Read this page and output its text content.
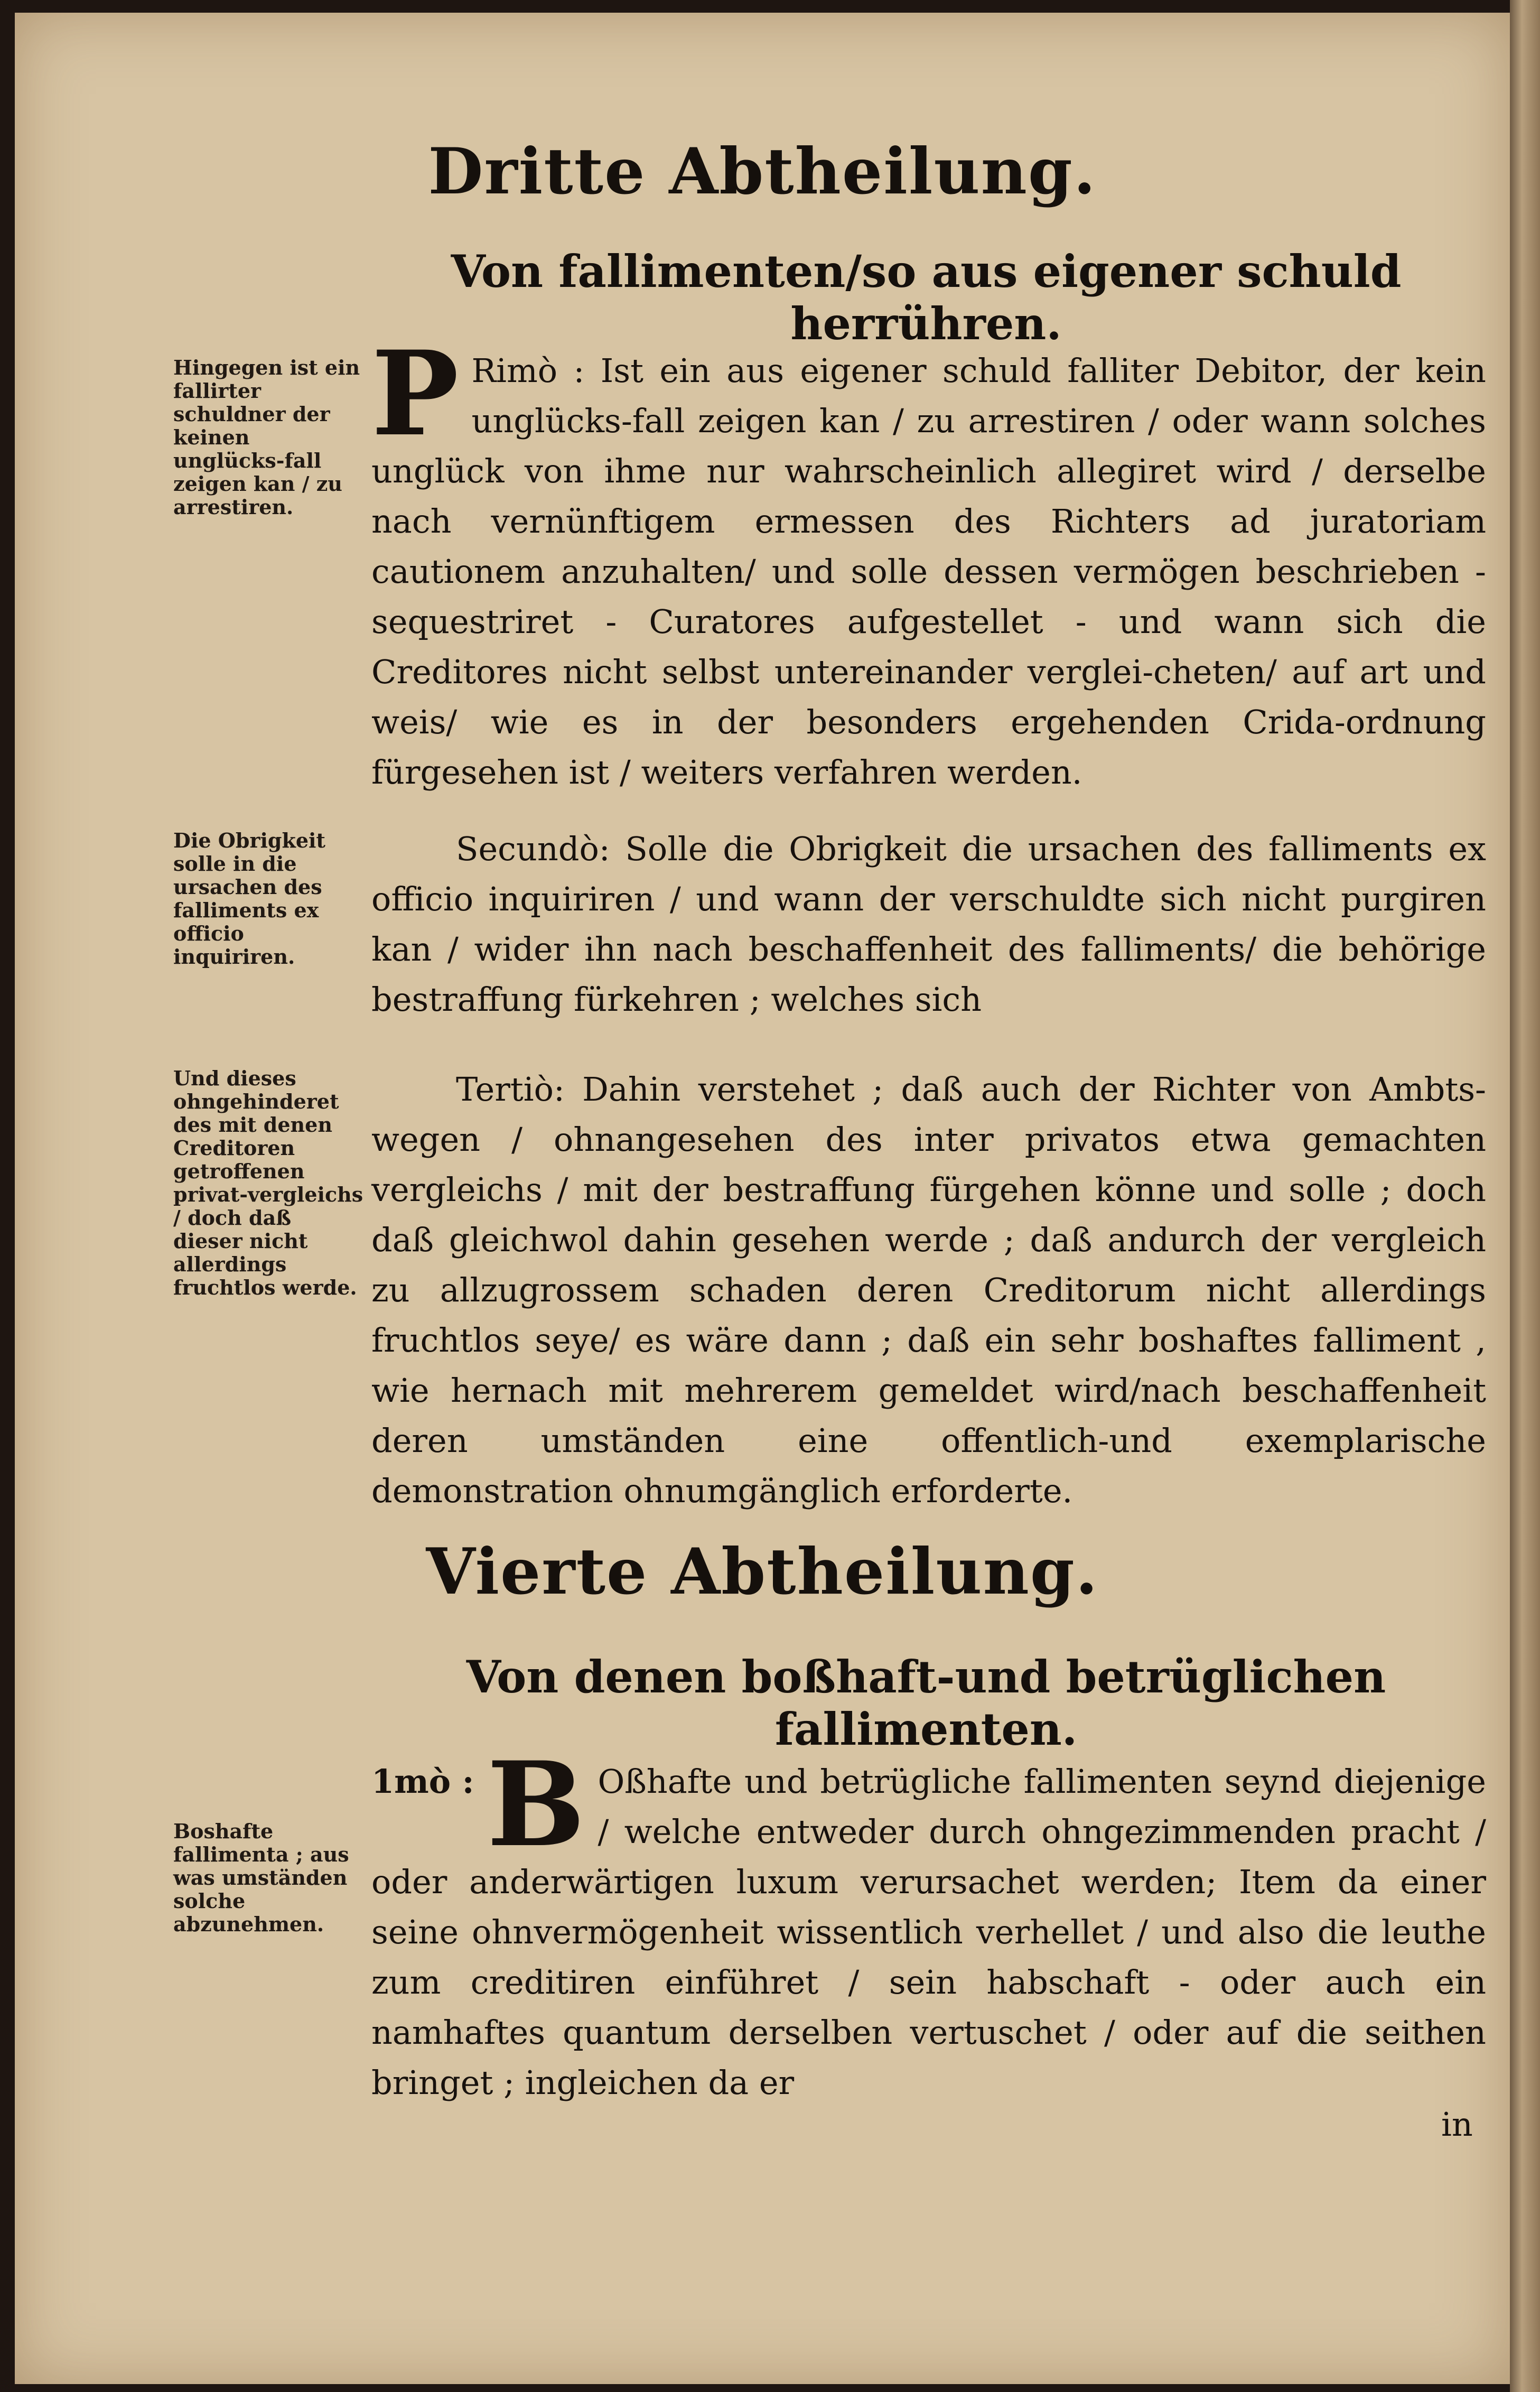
Dritte Abtheilung.
Von fallimenten/so aus eigener schuld herrühren.
Hingegen ist ein fallirter schuldner der keinen unglücks-fall zeigen kan / zu arrestiren.
P Rimò : Ist ein aus eigener schuld falliter Debitor, der kein unglücks-fall zeigen kan / zu arrestiren / oder wann solches unglück von ihme nur wahrscheinlich allegiret wird / derselbe nach vernünftigem ermessen des Richters ad juratoriam cautionem anzuhalten/ und solle dessen vermögen beschrieben - sequestriret - Curatores aufgestellet - und wann sich die Creditores nicht selbst untereinander verglei-cheten/ auf art und weis/ wie es in der besonders ergehenden Crida-ordnung fürgesehen ist / weiters verfahren werden.
Die Obrigkeit solle in die ursachen des falliments ex officio inquiriren.
Secundò: Solle die Obrigkeit die ursachen des falliments ex officio inquiriren / und wann der verschuldte sich nicht purgiren kan / wider ihn nach beschaffenheit des falliments/ die behörige bestraffung fürkehren ; welches sich
Und dieses ohngehinderet des mit denen Creditoren getroffenen privat-vergleichs / doch daß dieser nicht allerdings fruchtlos werde.
Tertiò: Dahin verstehet ; daß auch der Richter von Ambts-wegen / ohnangesehen des inter privatos etwa gemachten vergleichs / mit der bestraffung fürgehen könne und solle ; doch daß gleichwol dahin gesehen werde ; daß andurch der vergleich zu allzugrossem schaden deren Creditorum nicht allerdings fruchtlos seye/ es wäre dann ; daß ein sehr boshaftes falliment , wie hernach mit mehrerem gemeldet wird/nach beschaffenheit deren umständen eine offentlich-und exemplarische demonstration ohnumgänglich erforderte.
Vierte Abtheilung.
Von denen boßhaft-und betrüglichen fallimenten.
Boshafte fallimenta ; aus was umständen solche abzunehmen.
1mò : B Oßhafte und betrügliche fallimenten seynd diejenige / welche entweder durch ohngezimmenden pracht / oder anderwärtigen luxum verursachet werden; Item da einer seine ohnvermögenheit wissentlich verhellet / und also die leuthe zum creditiren einführet / sein habschaft - oder auch ein namhaftes quantum derselben vertuschet / oder auf die seithen bringet ; ingleichen da er
in
